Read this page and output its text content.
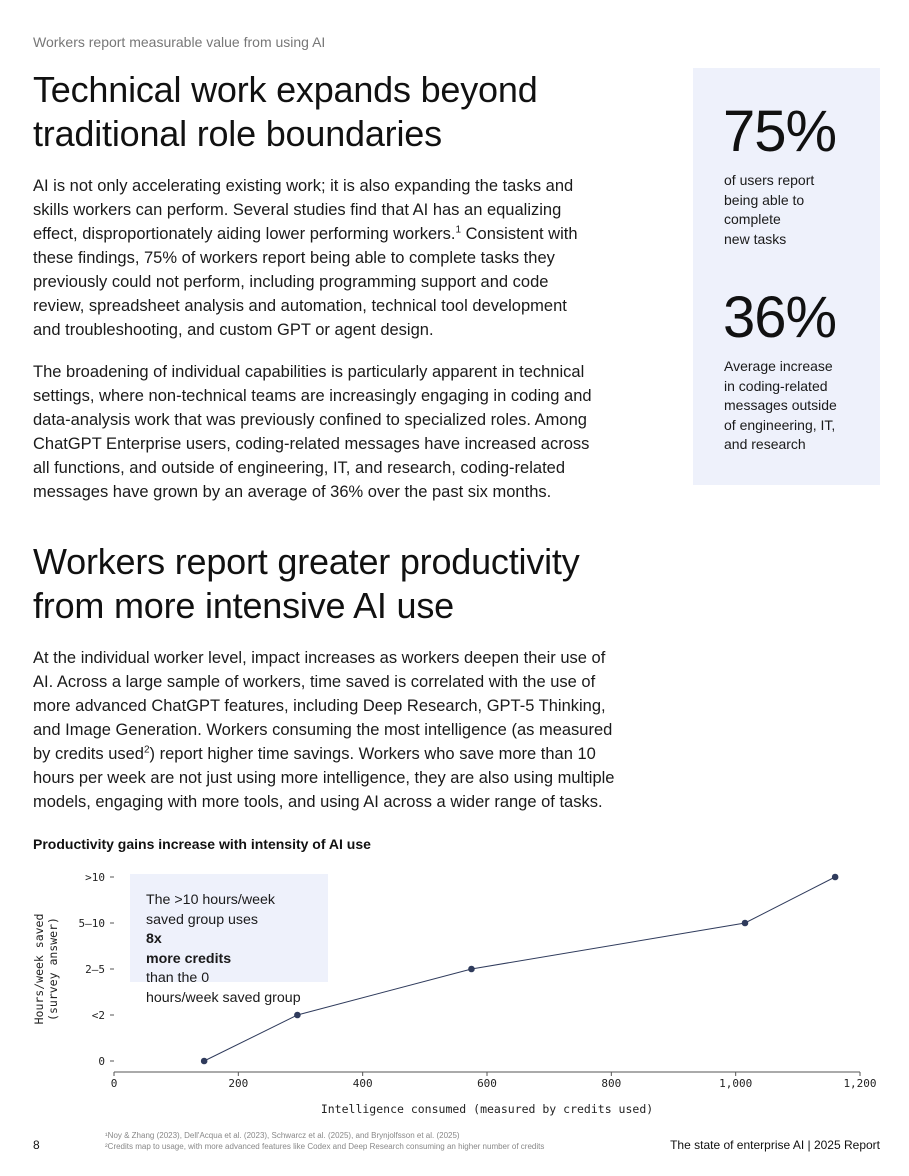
Workers report measurable value from using AI
Technical work expands beyond
traditional role boundaries

AI is not only accelerating existing work; it is also expanding the tasks and
skills workers can perform. Several studies find that AI has an equalizing
effect, disproportionately aiding lower performing workers.$^1$ Consistent with
these findings, 75% of workers report being able to complete tasks they
previously could not perform, including programming support and code
review, spreadsheet analysis and automation, technical tool development
and troubleshooting, and custom GPT or agent design.

The broadening of individual capabilities is particularly apparent in technical
settings, where non-technical teams are increasingly engaging in coding and
data-analysis work that was previously confined to specialized roles. Among
ChatGPT Enterprise users, coding-related messages have increased across
all functions, and outside of engineering, IT, and research, coding-related
messages have grown by an average of 36% over the past six months.

75%
of users report
being able to
complete
new tasks
36%
Average increase
in coding-related
messages outside
of engineering, IT,
and research
Workers report greater productivity
from more intensive AI use

At the individual worker level, impact increases as workers deepen their use of
AI. Across a large sample of workers, time saved is correlated with the use of
more advanced ChatGPT features, including Deep Research, GPT-5 Thinking,
and Image Generation. Workers consuming the most intelligence (as measured
by credits used$^2$) report higher time savings. Workers who save more than 10
hours per week are not just using more intelligence, they are also using multiple
models, engaging with more tools, and using AI across a wider range of tasks.

Productivity gains increase with intensity of AI use
0
<2
2—5
5—10
>10
0	200	400	600	800	1,000	1,200
Intelligence consumed (measured by credits used)
Hours/week saved (survey answer)
The >10 hours/week
saved group uses
8x
more credits
than the 0
hours/week saved group
¹Noy & Zhang (2023), Dell'Acqua et al. (2023), Schwarcz et al. (2025), and Brynjolfsson et al. (2025)
²Credits map to usage, with more advanced features like Codex and Deep Research consuming an higher number of credits
8	The state of enterprise AI | 2025 Report
